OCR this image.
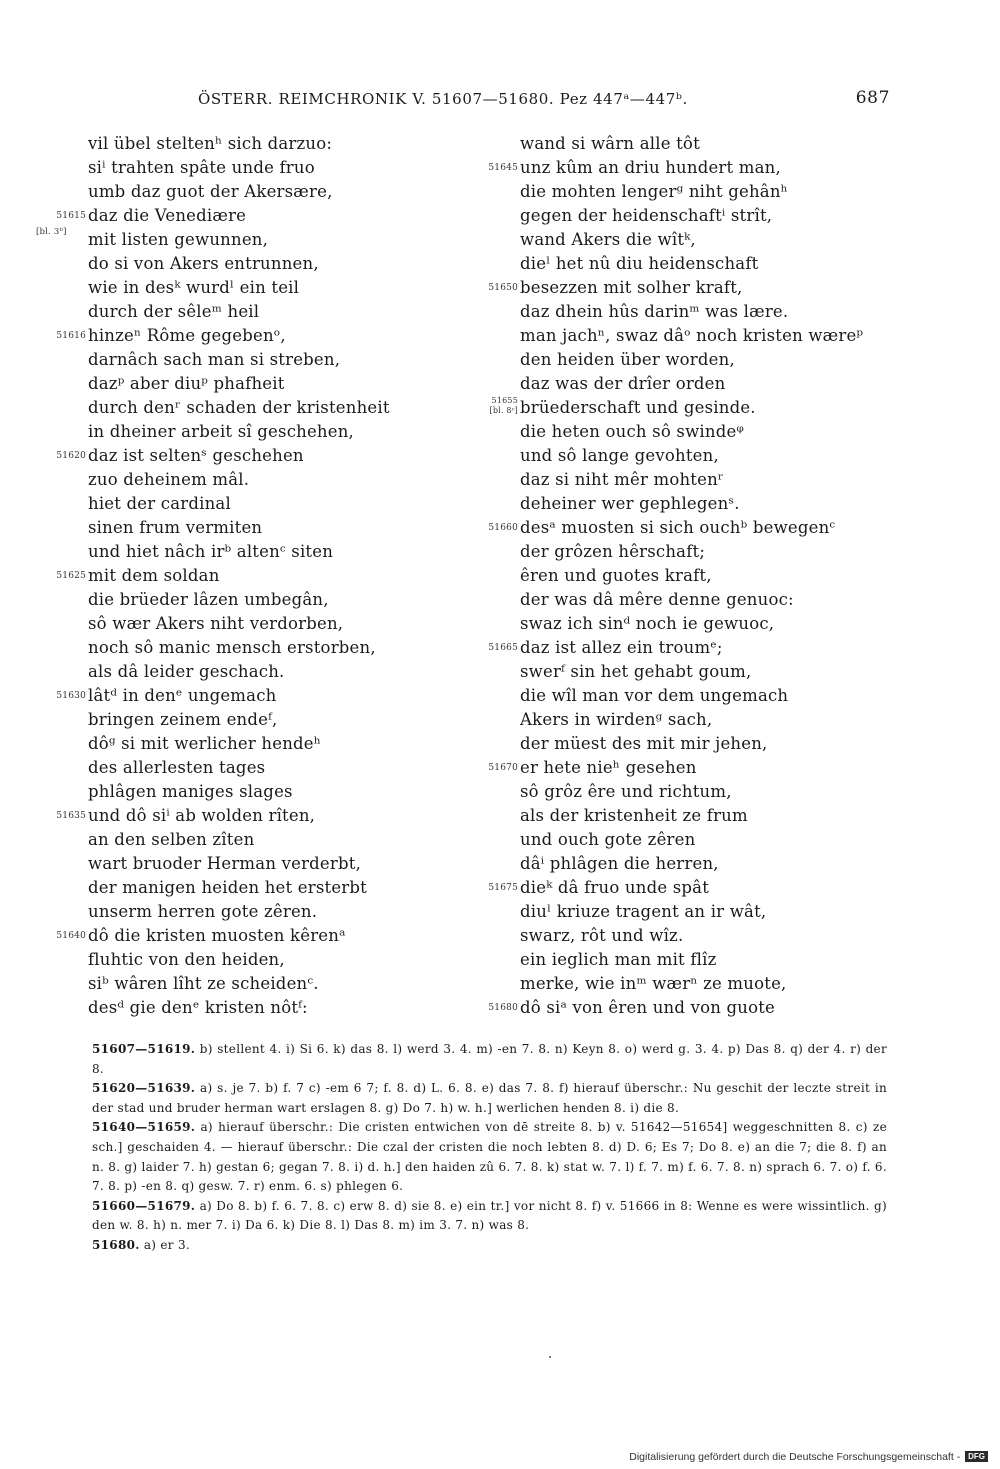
ÖSTERR. REIMCHRONIK V. 51607—51680. Pez 447ᵃ—447ᵇ.	687
vil übel steltenʰ sich darzuo:
siⁱ trahten spâte unde fruo
umb daz guot der Akersære,
51615 daz die Venediære
[bl. 3ᵇ] mit listen gewunnen,
do si von Akers entrunnen,
wie in desᵏ wurdˡ ein teil
durch der sêleᵐ heil
51616 hinzeⁿ Rôme gegebenᵒ,
darnâch sach man si streben,
dazᵖ aber diuᵖ phafheit
durch denʳ schaden der kristenheit
in dheiner arbeit sî geschehen,
51620 daz ist seltenˢ geschehen
zuo deheinem mâl.
hiet der cardinal
sinen frum vermiten
und hiet nâch irᵇ altenᶜ siten
51625 mit dem soldan
die brüeder lâzen umbegân,
sô wær Akers niht verdorben,
noch sô manic mensch erstorben,
als dâ leider geschach.
51630 lâtᵈ in denᵉ ungemach
bringen zeinem endeᶠ,
dôᵍ si mit werlicher hendeʰ
des allerlesten tages
phlâgen maniges slages
51635 und dô siⁱ ab wolden rîten,
an den selben zîten
wart bruoder Herman verderbt,
der manigen heiden het ersterbt
unserm herren gote zêren.
51640 dô die kristen muosten kêrenᵃ
fluhtic von den heiden,
siᵇ wâren lîht ze scheidenᶜ.
desᵈ gie denᵉ kristen nôtᶠ:
wand si wârn alle tôt
51645 unz kûm an driu hundert man,
die mohten lengerᵍ niht gehânʰ
gegen der heidenschaftⁱ strît,
wand Akers die wîtᵏ,
dieˡ het nû diu heidenschaft
51650 besezzen mit solher kraft,
daz dhein hûs darinᵐ was lære.
man jachⁿ, swaz dâᵒ noch kristen wæreᵖ
den heiden über worden,
daz was der drîer orden
51655
[bl. 8ᶜ] brüederschaft und gesinde.
die heten ouch sô swindeᵠ
und sô lange gevohten,
daz si niht mêr mohtenʳ
deheiner wer gephlegenˢ.
51660 desᵃ muosten si sich ouchᵇ bewegenᶜ
der grôzen hêrschaft;
êren und guotes kraft,
der was dâ mêre denne genuoc:
swaz ich sinᵈ noch ie gewuoc,
51665 daz ist allez ein troumᵉ;
swerᶠ sin het gehabt goum,
die wîl man vor dem ungemach
Akers in wirdenᵍ sach,
der müest des mit mir jehen,
51670 er hete nieʰ gesehen
sô grôz êre und richtum,
als der kristenheit ze frum
und ouch gote zêren
dâⁱ phlâgen die herren,
51675 dieᵏ dâ fruo unde spât
diuˡ kriuze tragent an ir wât,
swarz, rôt und wîz.
ein ieglich man mit flîz
merke, wie inᵐ wærⁿ ze muote,
51680 dô siᵃ von êren und von guote

51607—51619. b) stellent 4. i) Si 6. k) das 8. l) werd 3. 4. m) -en 7. 8. n) Keyn 8. o) werd g. 3. 4. p) Das 8. q) der 4. r) der 8.

51620—51639. a) s. je 7. b) f. 7 c) -em 6 7; f. 8. d) L. 6. 8. e) das 7. 8. f) hierauf überschr.: Nu geschit der leczte streit in der stad und bruder herman wart erslagen 8. g) Do 7. h) w. h.] werlichen henden 8. i) die 8.

51640—51659. a) hierauf überschr.: Die cristen entwichen von dē streite 8. b) v. 51642—51654] weggeschnitten 8. c) ze sch.] geschaiden 4. — hierauf überschr.: Die czal der cristen die noch lebten 8. d) D. 6; Es 7; Do 8. e) an die 7; die 8. f) an n. 8. g) laider 7. h) gestan 6; gegan 7. 8. i) d. h.] den haiden zû 6. 7. 8. k) stat w. 7. l) f. 7. m) f. 6. 7. 8. n) sprach 6. 7. o) f. 6. 7. 8. p) -en 8. q) gesw. 7. r) enm. 6. s) phlegen 6.

51660—51679. a) Do 8. b) f. 6. 7. 8. c) erw 8. d) sie 8. e) ein tr.] vor nicht 8. f) v. 51666 in 8: Wenne es were wissintlich. g) den w. 8. h) n. mer 7. i) Da 6. k) Die 8. l) Das 8. m) im 3. 7. n) was 8.

51680. a) er 3.

Digitalisierung gefördert durch die Deutsche Forschungsgemeinschaft - DFG
